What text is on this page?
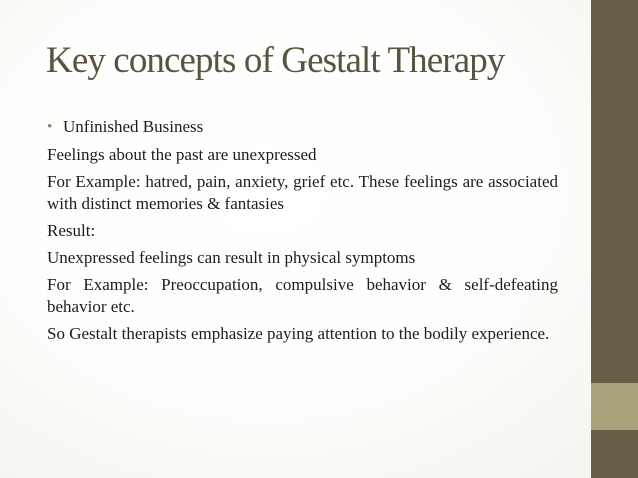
Key concepts of Gestalt Therapy
• Unfinished Business

Feelings about the past are unexpressed

For Example: hatred, pain, anxiety, grief etc. These feelings are associated with distinct memories & fantasies

Result:

Unexpressed feelings can result in physical symptoms

For Example: Preoccupation, compulsive behavior & self-defeating behavior etc.

So Gestalt therapists emphasize paying attention to the bodily experience.
